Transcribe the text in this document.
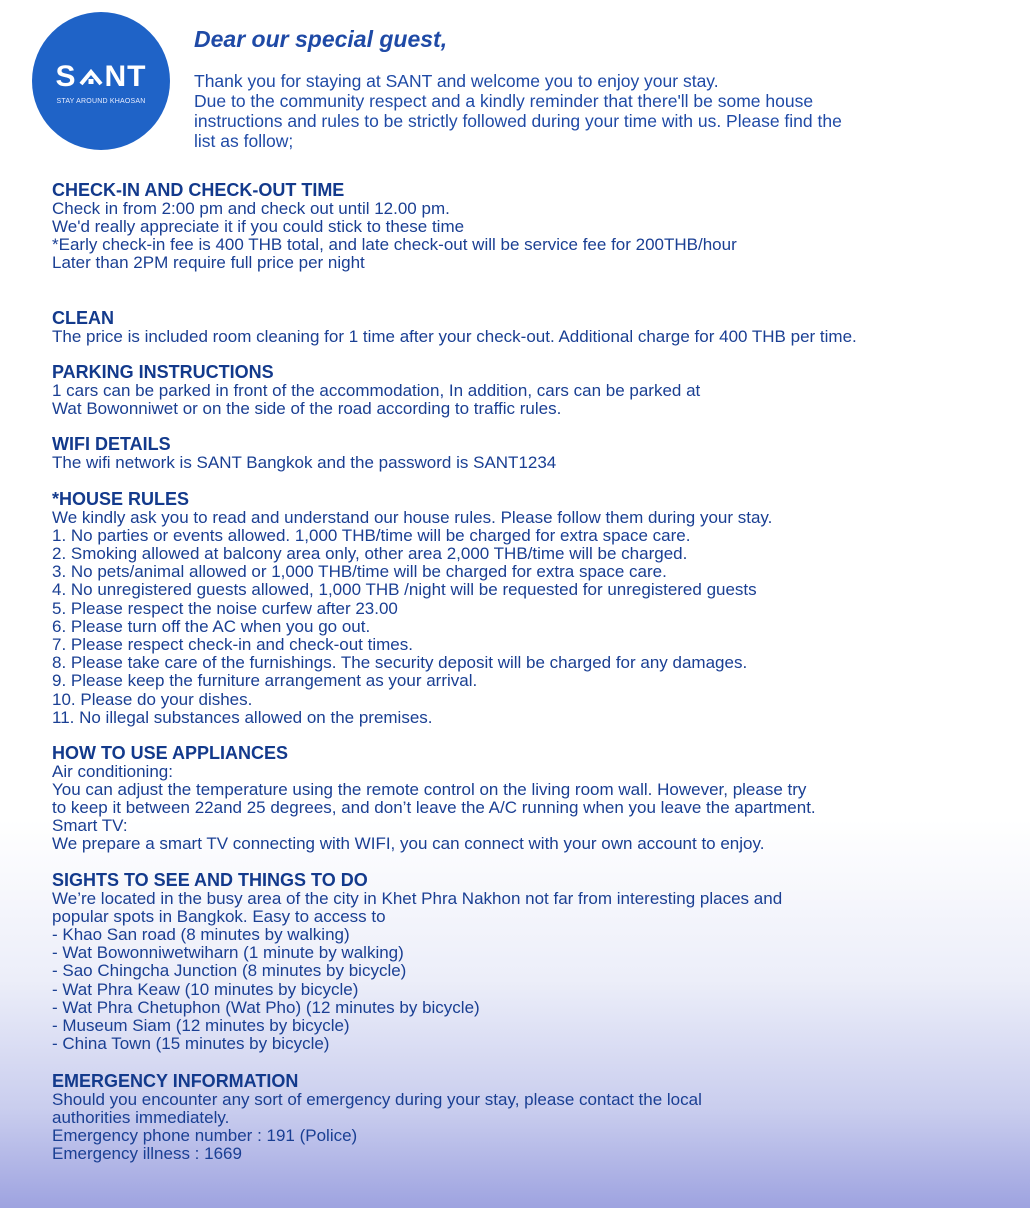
S NT
STAY AROUND KHAOSAN
Dear our special guest,
Thank you for staying at SANT and welcome you to enjoy your stay.
Due to the community respect and a kindly reminder that there'll be some house
instructions and rules to be strictly followed during your time with us. Please find the
list as follow;
CHECK-IN AND CHECK-OUT TIME
Check in from 2:00 pm and check out until 12.00 pm.
We'd really appreciate it if you could stick to these time
*Early check-in fee is 400 THB total, and late check-out will be service fee for 200THB/hour
Later than 2PM require full price per night
CLEAN
The price is included room cleaning for 1 time after your check-out. Additional charge for 400 THB per time.
PARKING INSTRUCTIONS
1 cars can be parked in front of the accommodation, In addition, cars can be parked at
Wat Bowonniwet or on the side of the road according to traffic rules.
WIFI DETAILS
The wifi network is SANT Bangkok and the password is SANT1234
*HOUSE RULES
We kindly ask you to read and understand our house rules. Please follow them during your stay.
1. No parties or events allowed. 1,000 THB/time will be charged for extra space care.
2. Smoking allowed at balcony area only, other area 2,000 THB/time will be charged.
3. No pets/animal allowed or 1,000 THB/time will be charged for extra space care.
4. No unregistered guests allowed, 1,000 THB /night will be requested for unregistered guests
5. Please respect the noise curfew after 23.00
6. Please turn off the AC when you go out.
7. Please respect check-in and check-out times.
8. Please take care of the furnishings. The security deposit will be charged for any damages.
9. Please keep the furniture arrangement as your arrival.
10. Please do your dishes.
11. No illegal substances allowed on the premises.
HOW TO USE APPLIANCES
Air conditioning:
You can adjust the temperature using the remote control on the living room wall. However, please try
to keep it between 22and 25 degrees, and don’t leave the A/C running when you leave the apartment.
Smart TV:
We prepare a smart TV connecting with WIFI, you can connect with your own account to enjoy.
SIGHTS TO SEE AND THINGS TO DO
We’re located in the busy area of the city in Khet Phra Nakhon not far from interesting places and
popular spots in Bangkok. Easy to access to
- Khao San road (8 minutes by walking)
- Wat Bowonniwetwiharn (1 minute by walking)
- Sao Chingcha Junction (8 minutes by bicycle)
- Wat Phra Keaw (10 minutes by bicycle)
- Wat Phra Chetuphon (Wat Pho) (12 minutes by bicycle)
- Museum Siam (12 minutes by bicycle)
- China Town (15 minutes by bicycle)
EMERGENCY INFORMATION
Should you encounter any sort of emergency during your stay, please contact the local
authorities immediately.
Emergency phone number : 191 (Police)
Emergency illness : 1669
